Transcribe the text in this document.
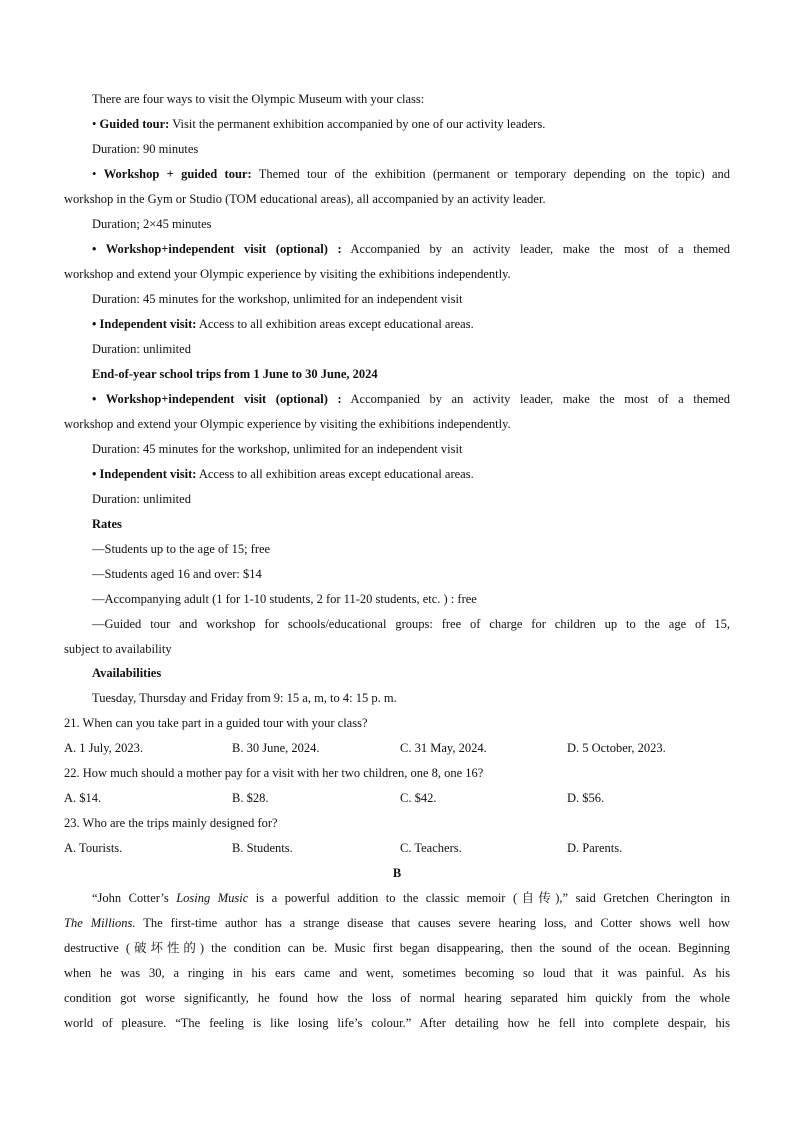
There are four ways to visit the Olympic Museum with your class:
• Guided tour: Visit the permanent exhibition accompanied by one of our activity leaders.
Duration: 90 minutes
• Workshop + guided tour: Themed tour of the exhibition (permanent or temporary depending on the topic) and
workshop in the Gym or Studio (TOM educational areas), all accompanied by an activity leader.
Duration; 2×45 minutes
• Workshop+independent visit (optional) : Accompanied by an activity leader, make the most of a themed
workshop and extend your Olympic experience by visiting the exhibitions independently.
Duration: 45 minutes for the workshop, unlimited for an independent visit
• Independent visit: Access to all exhibition areas except educational areas.
Duration: unlimited
End-of-year school trips from 1 June to 30 June, 2024
• Workshop+independent visit (optional) : Accompanied by an activity leader, make the most of a themed
workshop and extend your Olympic experience by visiting the exhibitions independently.
Duration: 45 minutes for the workshop, unlimited for an independent visit
• Independent visit: Access to all exhibition areas except educational areas.
Duration: unlimited
Rates
—Students up to the age of 15; free
—Students aged 16 and over: $14
—Accompanying adult (1 for 1-10 students, 2 for 11-20 students, etc. ) : free
—Guided tour and workshop for schools/educational groups: free of charge for children up to the age of 15,
subject to availability
Availabilities
Tuesday, Thursday and Friday from 9: 15 a, m, to 4: 15 p. m.
21. When can you take part in a guided tour with your class?
A. 1 July, 2023.	B. 30 June, 2024.	C. 31 May, 2024.	D. 5 October, 2023.
22. How much should a mother pay for a visit with her two children, one 8, one 16?
A. $14.	B. $28.	C. $42.	D. $56.
23. Who are the trips mainly designed for?
A. Tourists.	B. Students.	C. Teachers.	D. Parents.
B
“John Cotter’s Losing Music is a powerful addition to the classic memoir (自传),” said Gretchen Cherington in
The Millions. The first-time author has a strange disease that causes severe hearing loss, and Cotter shows well how
destructive (破坏性的) the condition can be. Music first began disappearing, then the sound of the ocean. Beginning
when he was 30, a ringing in his ears came and went, sometimes becoming so loud that it was painful. As his
condition got worse significantly, he found how the loss of normal hearing separated him quickly from the whole
world of pleasure. “The feeling is like losing life’s colour.” After detailing how he fell into complete despair, his
